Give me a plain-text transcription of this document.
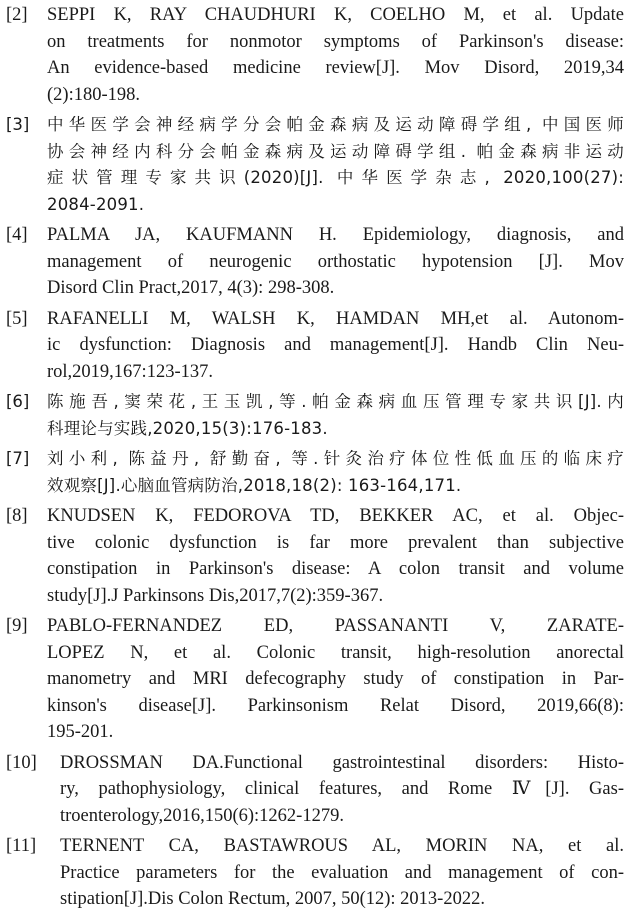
[2] SEPPI K, RAY CHAUDHURI K, COELHO M, et al. Update
on treatments for nonmotor symptoms of Parkinson's disease:
An evidence-based medicine review[J]. Mov Disord, 2019,34
(2):180-198.
[3] 中华医学会神经病学分会帕金森病及运动障碍学组, 中国医师
协会神经内科分会帕金森病及运动障碍学组. 帕金森病非运动
症状管理专家共识(2020)[J]. 中华医学杂志, 2020,100(27):
2084-2091.
[4] PALMA JA, KAUFMANN H. Epidemiology, diagnosis, and
management of neurogenic orthostatic hypotension [J]. Mov
Disord Clin Pract,2017, 4(3): 298-308.
[5] RAFANELLI M, WALSH K, HAMDAN MH,et al. Autonom-
ic dysfunction: Diagnosis and management[J]. Handb Clin Neu-
rol,2019,167:123-137.
[6] 陈施吾,窦荣花,王玉凯,等.帕金森病血压管理专家共识[J].内
科理论与实践,2020,15(3):176-183.
[7] 刘小利, 陈益丹, 舒勤奋, 等.针灸治疗体位性低血压的临床疗
效观察[J].心脑血管病防治,2018,18(2): 163-164,171.
[8] KNUDSEN K, FEDOROVA TD, BEKKER AC, et al. Objec-
tive colonic dysfunction is far more prevalent than subjective
constipation in Parkinson's disease: A colon transit and volume
study[J].J Parkinsons Dis,2017,7(2):359-367.
[9] PABLO-FERNANDEZ ED, PASSANANTI V, ZARATE-
LOPEZ N, et al. Colonic transit, high-resolution anorectal
manometry and MRI defecography study of constipation in Par-
kinson's disease[J]. Parkinsonism Relat Disord, 2019,66(8):
195-201.
[10] DROSSMAN DA.Functional gastrointestinal disorders: Histo-
ry, pathophysiology, clinical features, and Rome Ⅳ[J]. Gas-
troenterology,2016,150(6):1262-1279.
[11] TERNENT CA, BASTAWROUS AL, MORIN NA, et al.
Practice parameters for the evaluation and management of con-
stipation[J].Dis Colon Rectum, 2007, 50(12): 2013-2022.
